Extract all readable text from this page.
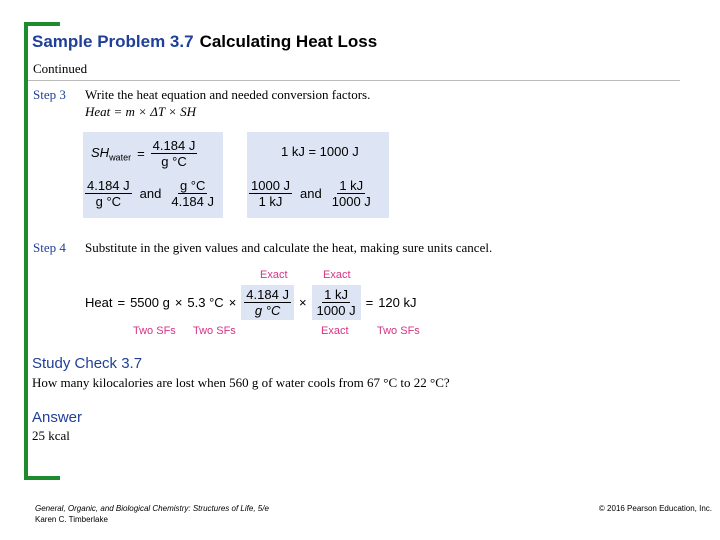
Sample Problem 3.7 Calculating Heat Loss
Continued
Step 3 Write the heat equation and needed conversion factors.
Heat = m × ΔT × SH
$SH_{water} = \frac{4.184 J}{g ^\circ C}$
$\frac{4.184 J}{g ^\circ C}$ and $\frac{g ^\circ C}{4.184 J}$
1 kJ = 1000 J
$\frac{1000 J}{1 kJ}$ and $\frac{1 kJ}{1000 J}$
Step 4 Substitute in the given values and calculate the heat, making sure units cancel.
Exact	Exact
Two SFs Two SFs	Exact	Two SFs
Heat = 5500 g × 5.3 $^\circ C \times \frac{4.184 J}{g ^\circ C} \times \frac{1 kJ}{1000 J} = 120$ kJ
Study Check 3.7
How many kilocalories are lost when 560 g of water cools from 67 °C to 22 °C?
Answer
25 kcal
General, Organic, and Biological Chemistry: Structures of Life, 5/e
Karen C. Timberlake
© 2016 Pearson Education, Inc.
